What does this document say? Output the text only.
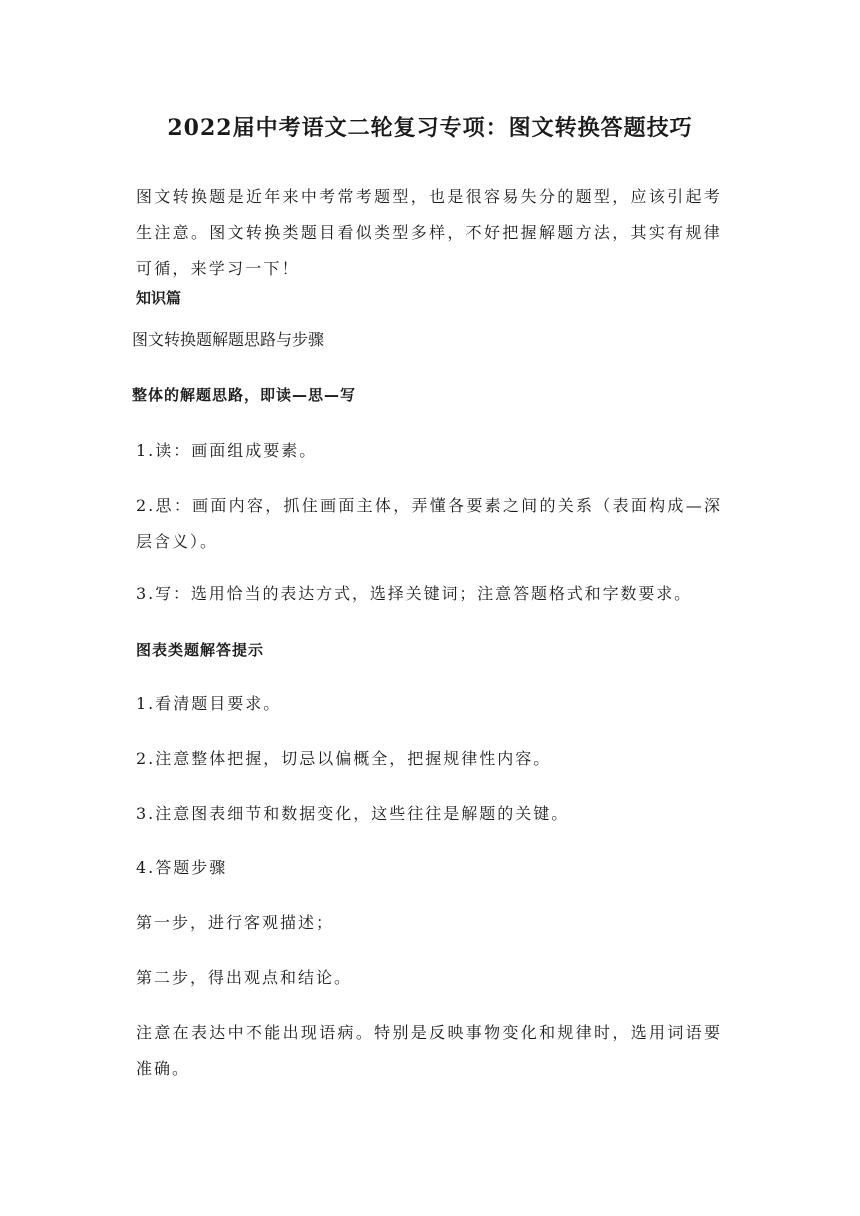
2022届中考语文二轮复习专项：图文转换答题技巧

图文转换题是近年来中考常考题型，也是很容易失分的题型，应该引起考生注意。图文转换类题目看似类型多样，不好把握解题方法，其实有规律可循，来学习一下！

知识篇

图文转换题解题思路与步骤

整体的解题思路，即读—思—写

1.读：画面组成要素。

2.思：画面内容，抓住画面主体，弄懂各要素之间的关系（表面构成—深层含义）。

3.写：选用恰当的表达方式，选择关键词；注意答题格式和字数要求。

图表类题解答提示

1.看清题目要求。

2.注意整体把握，切忌以偏概全，把握规律性内容。

3.注意图表细节和数据变化，这些往往是解题的关键。

4.答题步骤

第一步，进行客观描述；

第二步，得出观点和结论。

注意在表达中不能出现语病。特别是反映事物变化和规律时，选用词语要准确。
